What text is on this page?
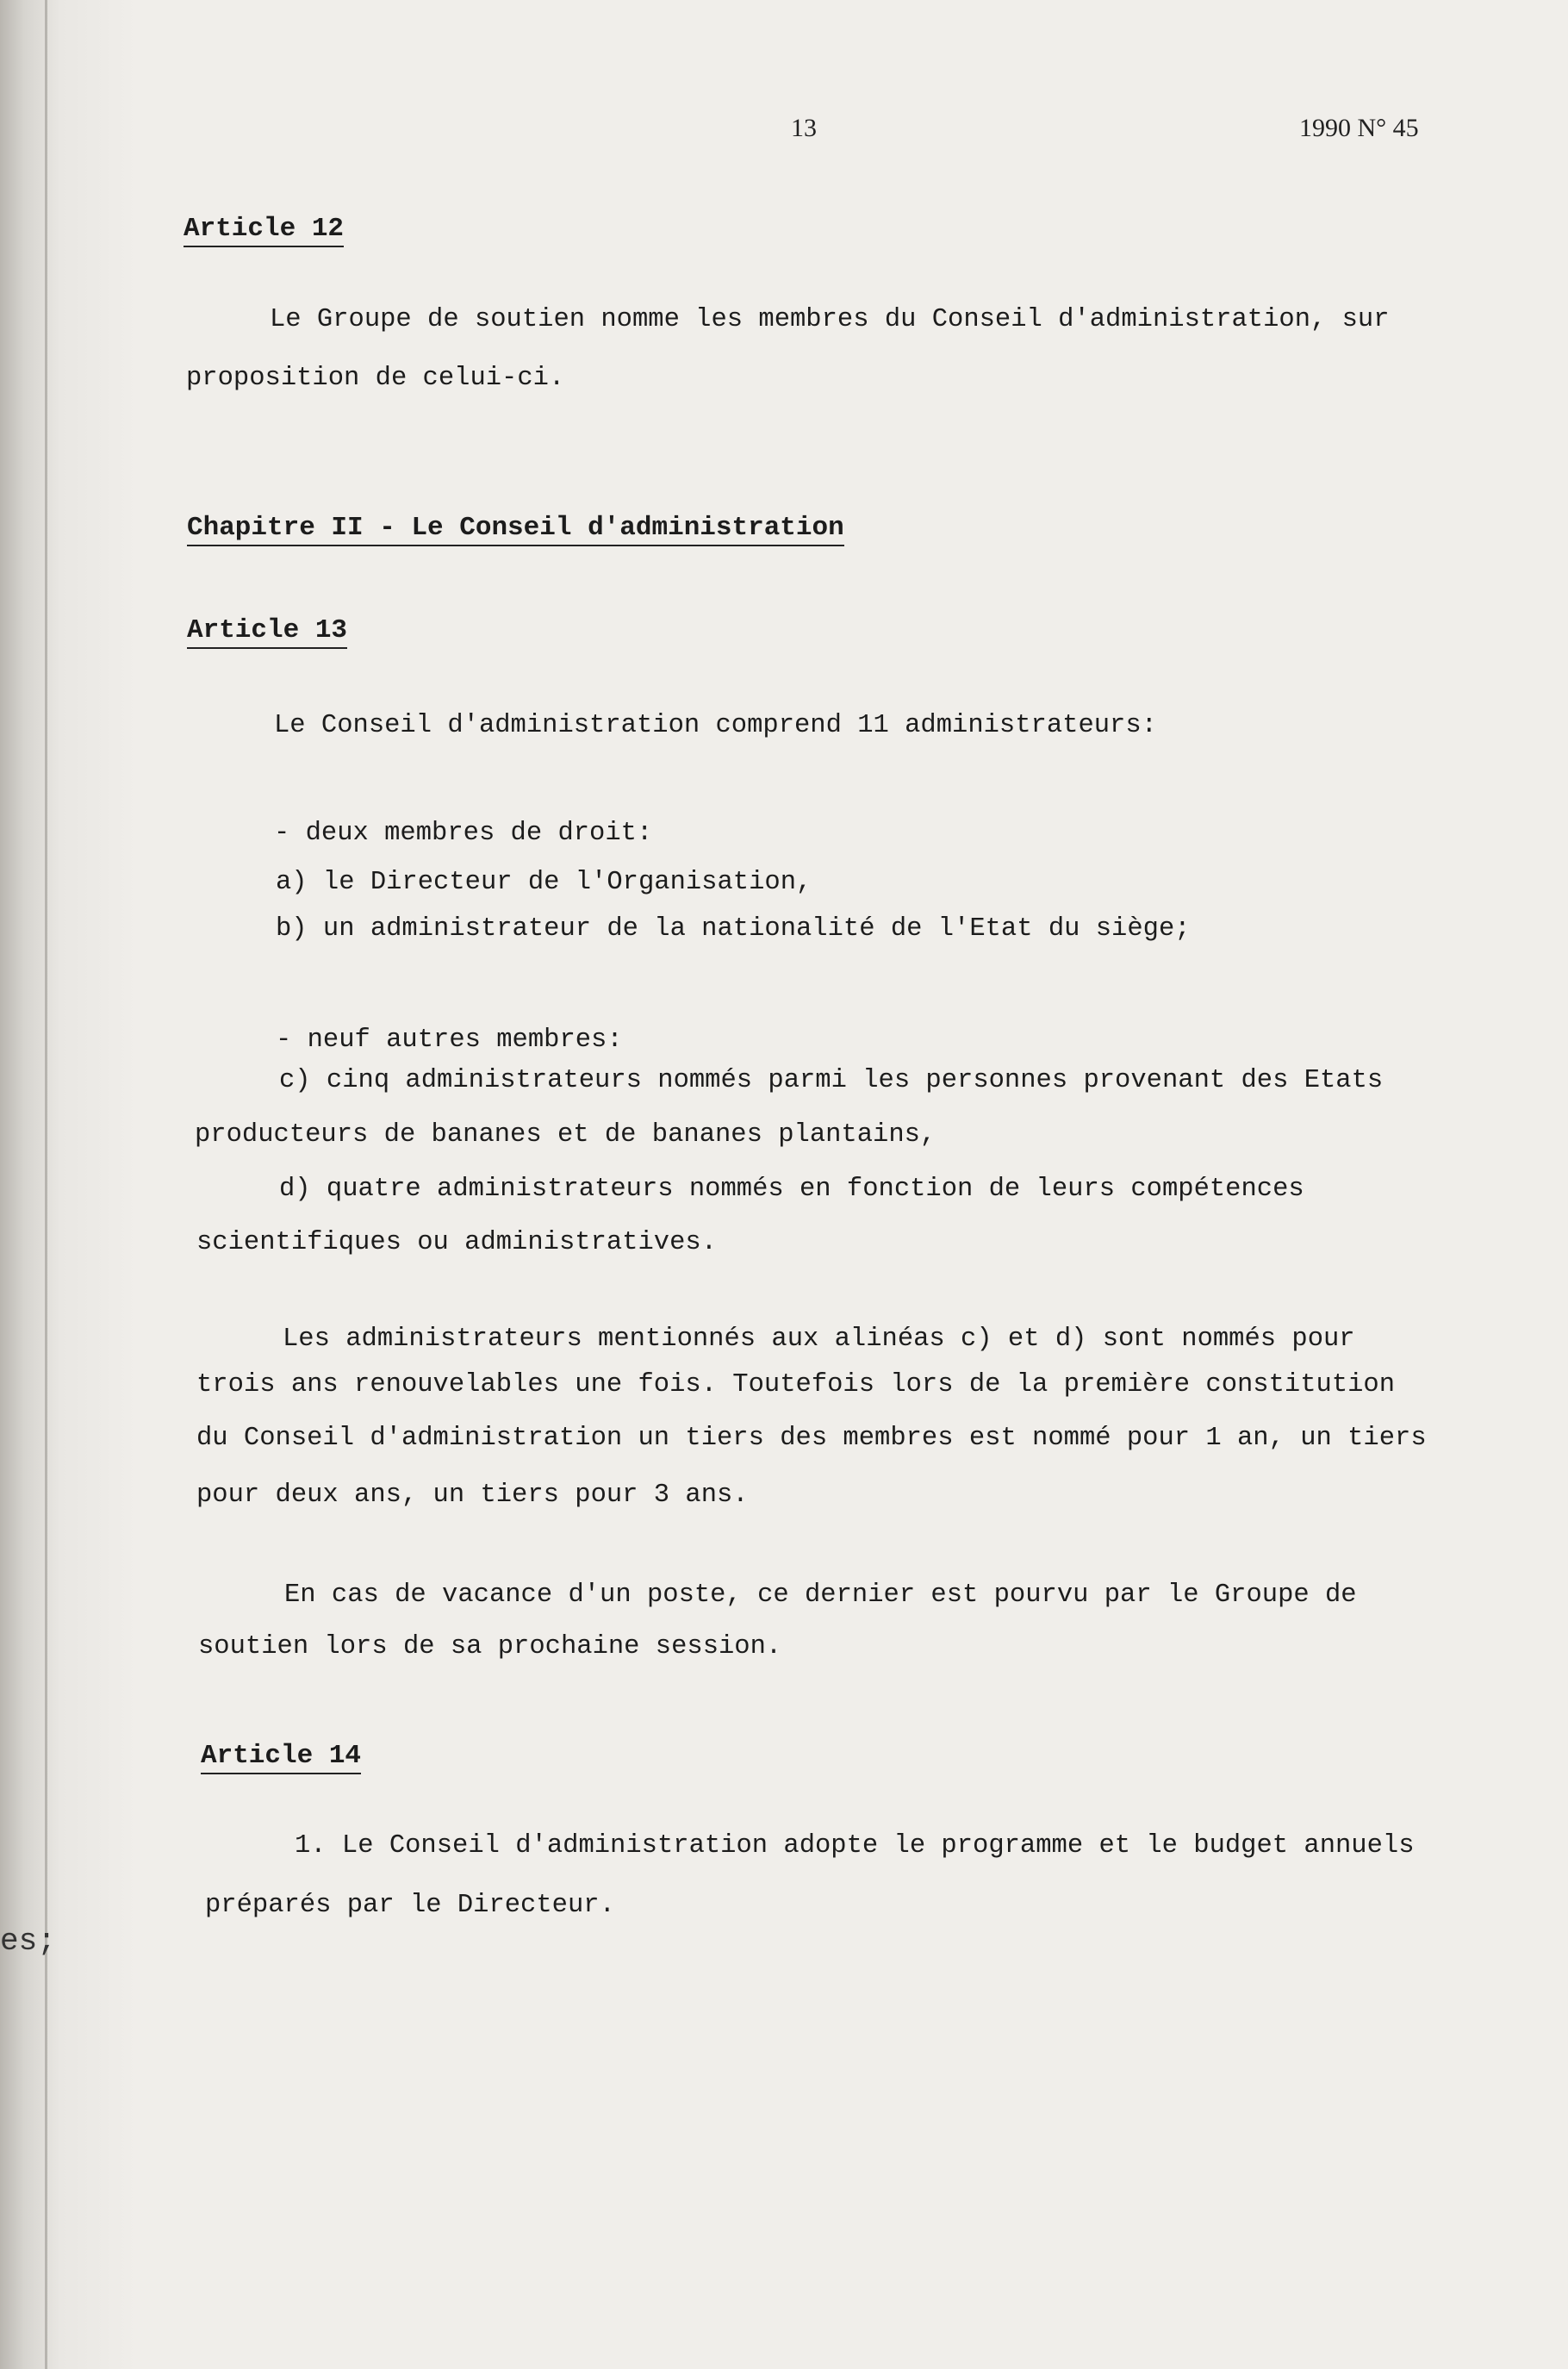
es;
13	1990 N° 45
Article 12
Le Groupe de soutien nomme les membres du Conseil d'administration, sur
proposition de celui-ci.
Chapitre II - Le Conseil d'administration
Article 13
Le Conseil d'administration comprend 11 administrateurs:
- deux membres de droit:
a) le Directeur de l'Organisation,
b) un administrateur de la nationalité de l'Etat du siège;
- neuf autres membres:
c) cinq administrateurs nommés parmi les personnes provenant des Etats
producteurs de bananes et de bananes plantains,
d) quatre administrateurs nommés en fonction de leurs compétences
scientifiques ou administratives.
Les administrateurs mentionnés aux alinéas c) et d) sont nommés pour
trois ans renouvelables une fois. Toutefois lors de la première constitution
du Conseil d'administration un tiers des membres est nommé pour 1 an, un tiers
pour deux ans, un tiers pour 3 ans.
En cas de vacance d'un poste, ce dernier est pourvu par le Groupe de
soutien lors de sa prochaine session.
Article 14
1. Le Conseil d'administration adopte le programme et le budget annuels
préparés par le Directeur.
